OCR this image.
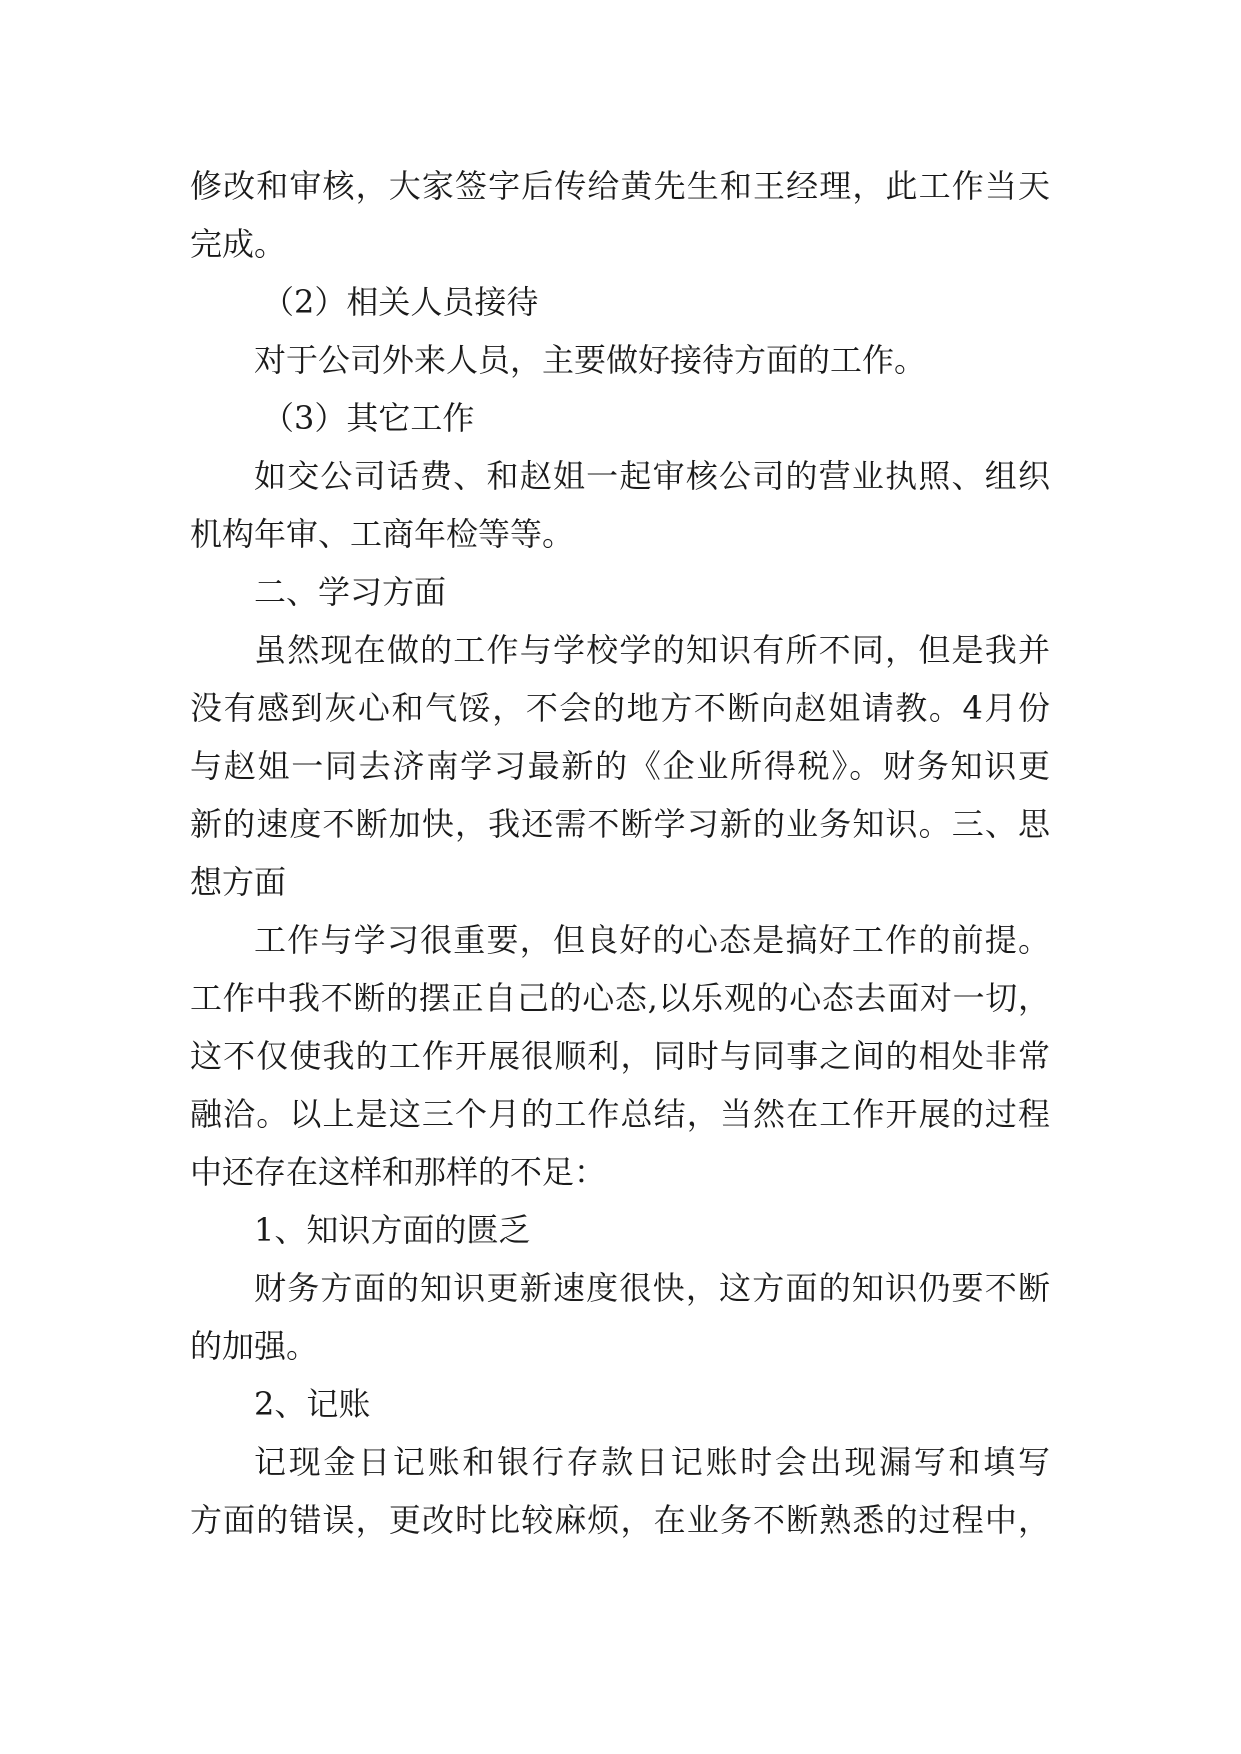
修改和审核，大家签字后传给黄先生和王经理，此工作当天
完成。
（2）相关人员接待
对于公司外来人员，主要做好接待方面的工作。
（3）其它工作
如交公司话费、和赵姐一起审核公司的营业执照、组织
机构年审、工商年检等等。
二、学习方面
虽然现在做的工作与学校学的知识有所不同，但是我并
没有感到灰心和气馁，不会的地方不断向赵姐请教。4月份
与赵姐一同去济南学习最新的《企业所得税》。财务知识更
新的速度不断加快，我还需不断学习新的业务知识。三、思
想方面
工作与学习很重要，但良好的心态是搞好工作的前提。
工作中我不断的摆正自己的心态,以乐观的心态去面对一切，
这不仅使我的工作开展很顺利，同时与同事之间的相处非常
融洽。以上是这三个月的工作总结，当然在工作开展的过程
中还存在这样和那样的不足：
1、知识方面的匮乏
财务方面的知识更新速度很快，这方面的知识仍要不断
的加强。
2、记账
记现金日记账和银行存款日记账时会出现漏写和填写
方面的错误，更改时比较麻烦，在业务不断熟悉的过程中，
